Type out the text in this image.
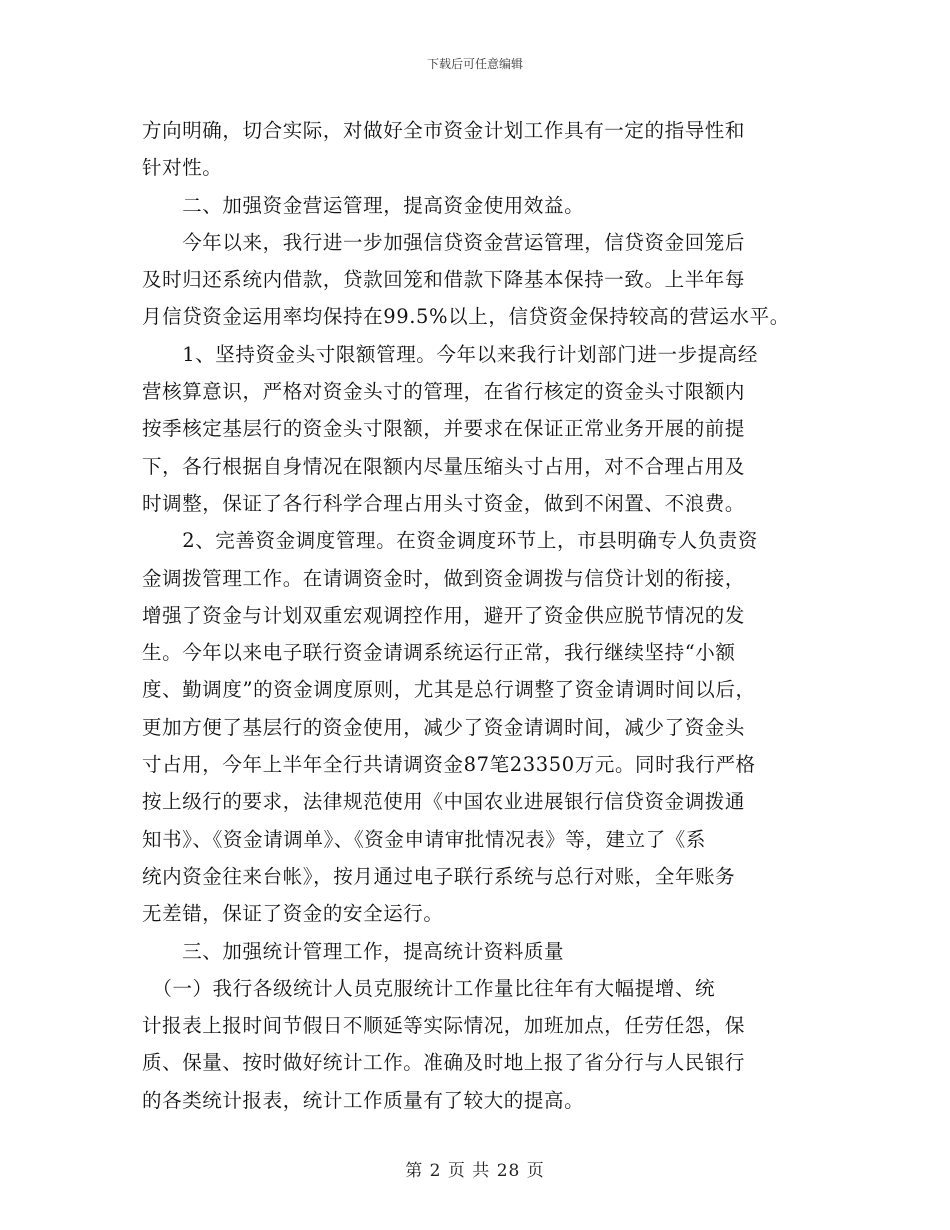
下载后可任意编辑
方向明确，切合实际，对做好全市资金计划工作具有一定的指导性和
针对性。
　　二、加强资金营运管理，提高资金使用效益。
　　今年以来，我行进一步加强信贷资金营运管理，信贷资金回笼后
及时归还系统内借款，贷款回笼和借款下降基本保持一致。上半年每
月信贷资金运用率均保持在99.5%以上，信贷资金保持较高的营运水平。
　　1、坚持资金头寸限额管理。今年以来我行计划部门进一步提高经
营核算意识，严格对资金头寸的管理，在省行核定的资金头寸限额内
按季核定基层行的资金头寸限额，并要求在保证正常业务开展的前提
下，各行根据自身情况在限额内尽量压缩头寸占用，对不合理占用及
时调整，保证了各行科学合理占用头寸资金，做到不闲置、不浪费。
　　2、完善资金调度管理。在资金调度环节上，市县明确专人负责资
金调拨管理工作。在请调资金时，做到资金调拨与信贷计划的衔接，
增强了资金与计划双重宏观调控作用，避开了资金供应脱节情况的发
生。今年以来电子联行资金请调系统运行正常，我行继续坚持“小额
度、勤调度”的资金调度原则，尤其是总行调整了资金请调时间以后，
更加方便了基层行的资金使用，减少了资金请调时间，减少了资金头
寸占用，今年上半年全行共请调资金87笔23350万元。同时我行严格
按上级行的要求，法律规范使用《中国农业进展银行信贷资金调拨通
知书》、《资金请调单》、《资金申请审批情况表》等，建立了《系
统内资金往来台帐》，按月通过电子联行系统与总行对账，全年账务
无差错，保证了资金的安全运行。
　　三、加强统计管理工作，提高统计资料质量
　（一）我行各级统计人员克服统计工作量比往年有大幅提增、统
计报表上报时间节假日不顺延等实际情况，加班加点，任劳任怨，保
质、保量、按时做好统计工作。准确及时地上报了省分行与人民银行
的各类统计报表，统计工作质量有了较大的提高。
第 2 页 共 28 页
